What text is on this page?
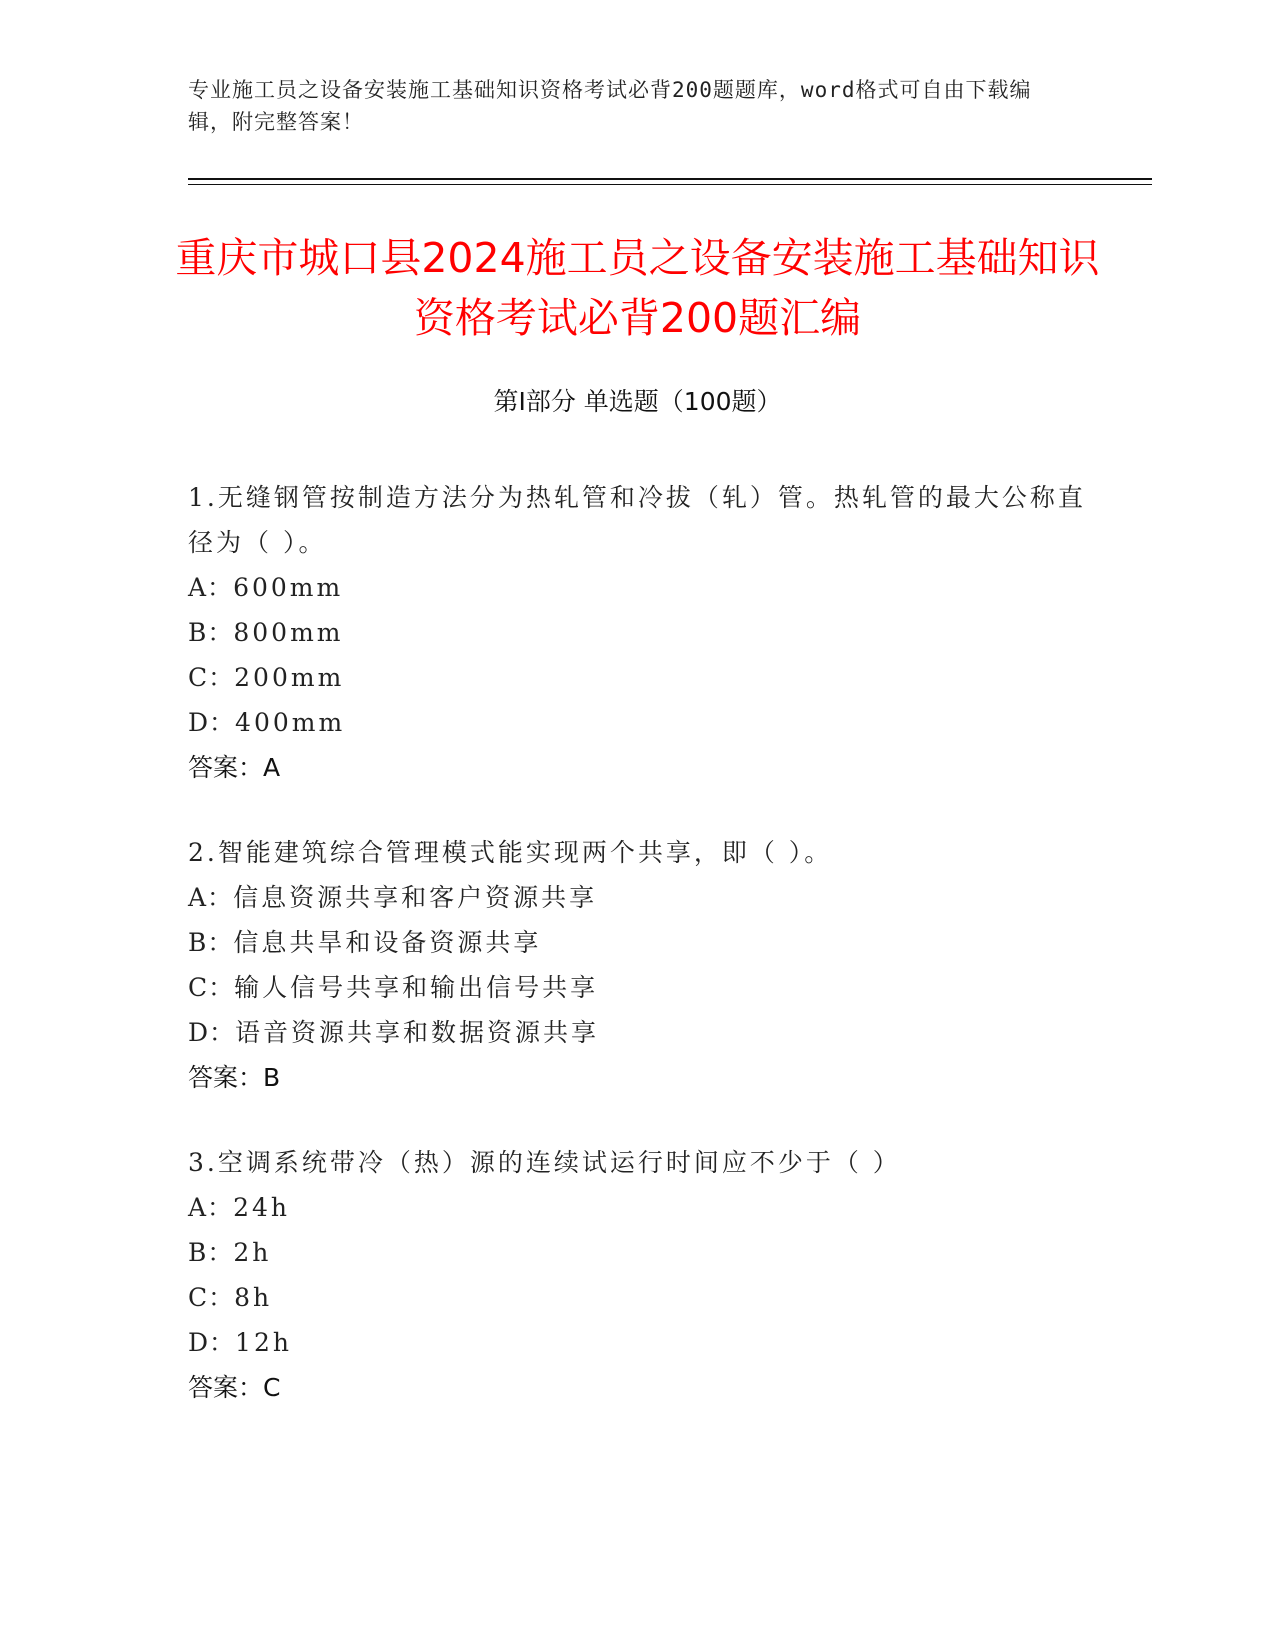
专业施工员之设备安装施工基础知识资格考试必背200题题库，word格式可自由下载编辑，附完整答案！
重庆市城口县2024施工员之设备安装施工基础知识资格考试必背200题汇编
第Ⅰ部分 单选题（100题）
1.无缝钢管按制造方法分为热轧管和冷拔（轧）管。热轧管的最大公称直径为（ ）。
A：600mm
B：800mm
C：200mm
D：400mm
答案：A
2.智能建筑综合管理模式能实现两个共享，即（ ）。
A：信息资源共享和客户资源共享
B：信息共旱和设备资源共享
C：输人信号共享和输出信号共享
D：语音资源共享和数据资源共享
答案：B
3.空调系统带冷（热）源的连续试运行时间应不少于（ ）
A：24h
B：2h
C：8h
D：12h
答案：C
